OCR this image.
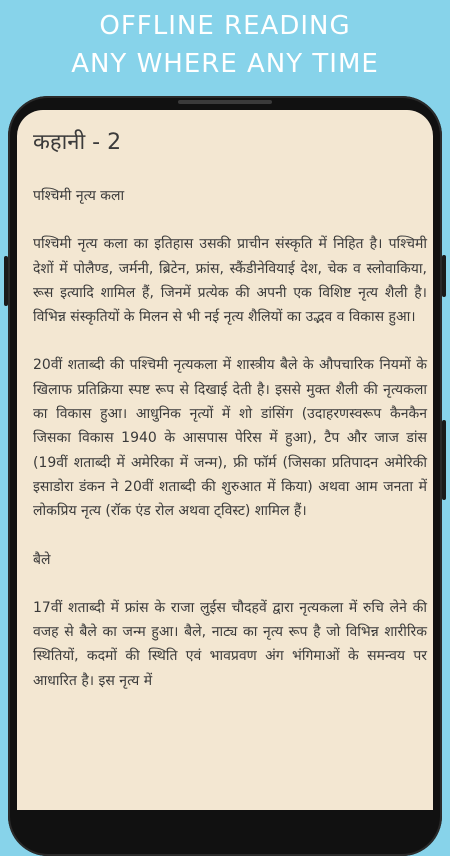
OFFLINE READING
ANY WHERE ANY TIME
कहानी - 2

पश्चिमी नृत्य कला

पश्चिमी नृत्य कला का इतिहास उसकी प्राचीन संस्कृति में निहित है। पश्चिमी देशों में पोलैण्ड, जर्मनी, ब्रिटेन, फ्रांस, स्कैंडीनेवियाई देश, चेक व स्लोवाकिया, रूस इत्यादि शामिल हैं, जिनमें प्रत्येक की अपनी एक विशिष्ट नृत्य शैली है। विभिन्न संस्कृतियों के मिलन से भी नई नृत्य शैलियों का उद्भव व विकास हुआ।

20वीं शताब्दी की पश्चिमी नृत्यकला में शास्त्रीय बैले के औपचारिक नियमों के खिलाफ प्रतिक्रिया स्पष्ट रूप से दिखाई देती है। इससे मुक्त शैली की नृत्यकला का विकास हुआ। आधुनिक नृत्यों में शो डांसिंग (उदाहरणस्वरूप कैनकैन जिसका विकास 1940 के आसपास पेरिस में हुआ), टैप और जाज डांस (19वीं शताब्दी में अमेरिका में जन्म), फ्री फॉर्म (जिसका प्रतिपादन अमेरिकी इसाडोरा डंकन ने 20वीं शताब्दी की शुरुआत में किया) अथवा आम जनता में लोकप्रिय नृत्य (रॉक एंड रोल अथवा ट्विस्ट) शामिल हैं।

बैले

17वीं शताब्दी में फ्रांस के राजा लुईस चौदहवें द्वारा नृत्यकला में रुचि लेने की वजह से बैले का जन्म हुआ। बैले, नाट्य का नृत्य रूप है जो विभिन्न शारीरिक स्थितियों, कदमों की स्थिति एवं भावप्रवण अंग भंगिमाओं के समन्वय पर आधारित है। इस नृत्य में
